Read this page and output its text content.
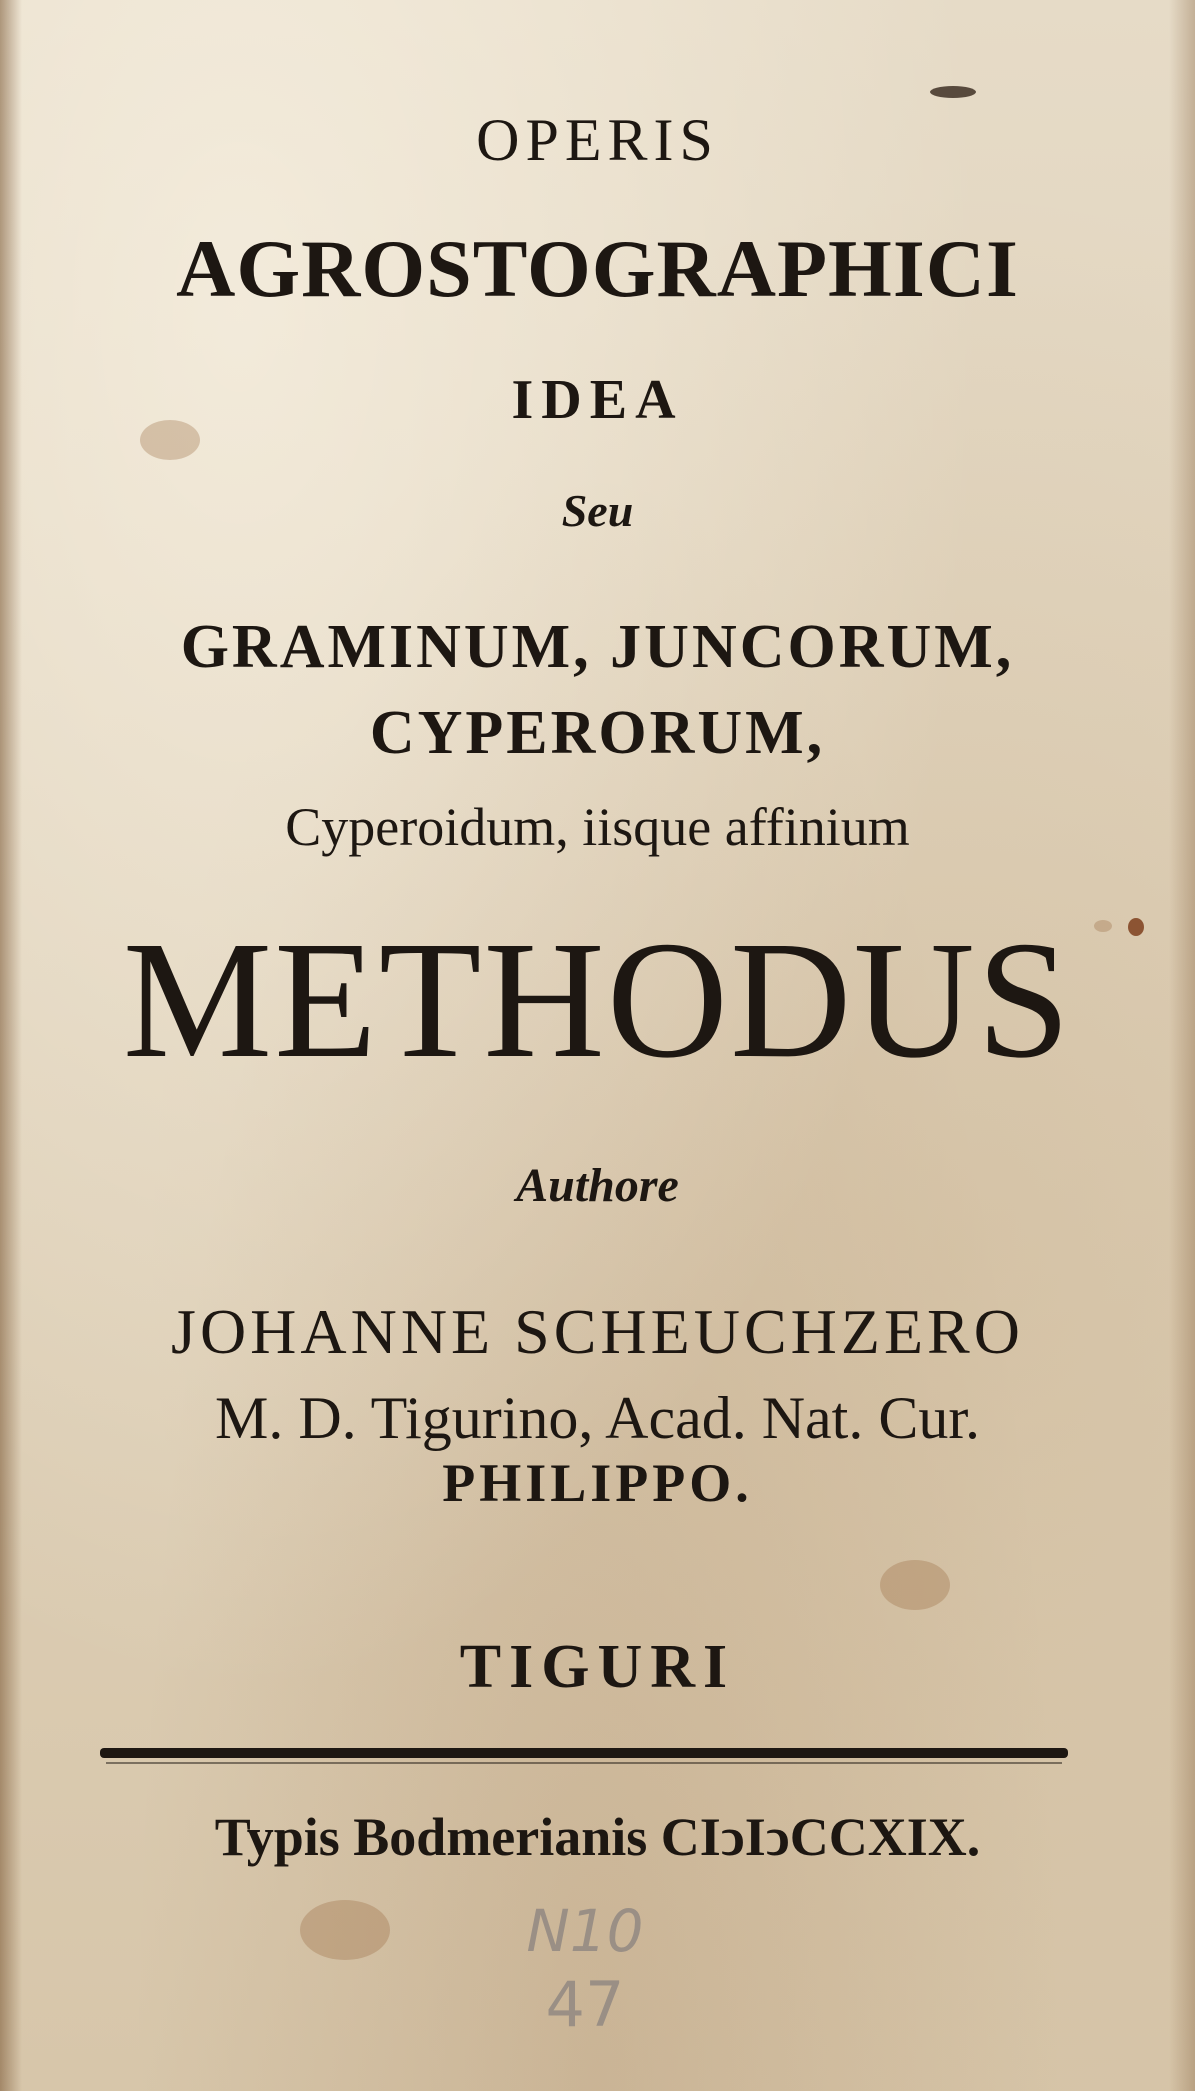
OPERIS
AGROSTOGRAPHICI
IDEA
Seu
GRAMINUM, JUNCORUM,
CYPERORUM,
Cyperoidum, iisque affinium
METHODUS
Authore
JOHANNE SCHEUCHZERO
M. D. Tigurino, Acad. Nat. Cur.
PHILIPPO.
TIGURI
Typis Bodmerianis CIↄIↄCCXIX.
N10
47
